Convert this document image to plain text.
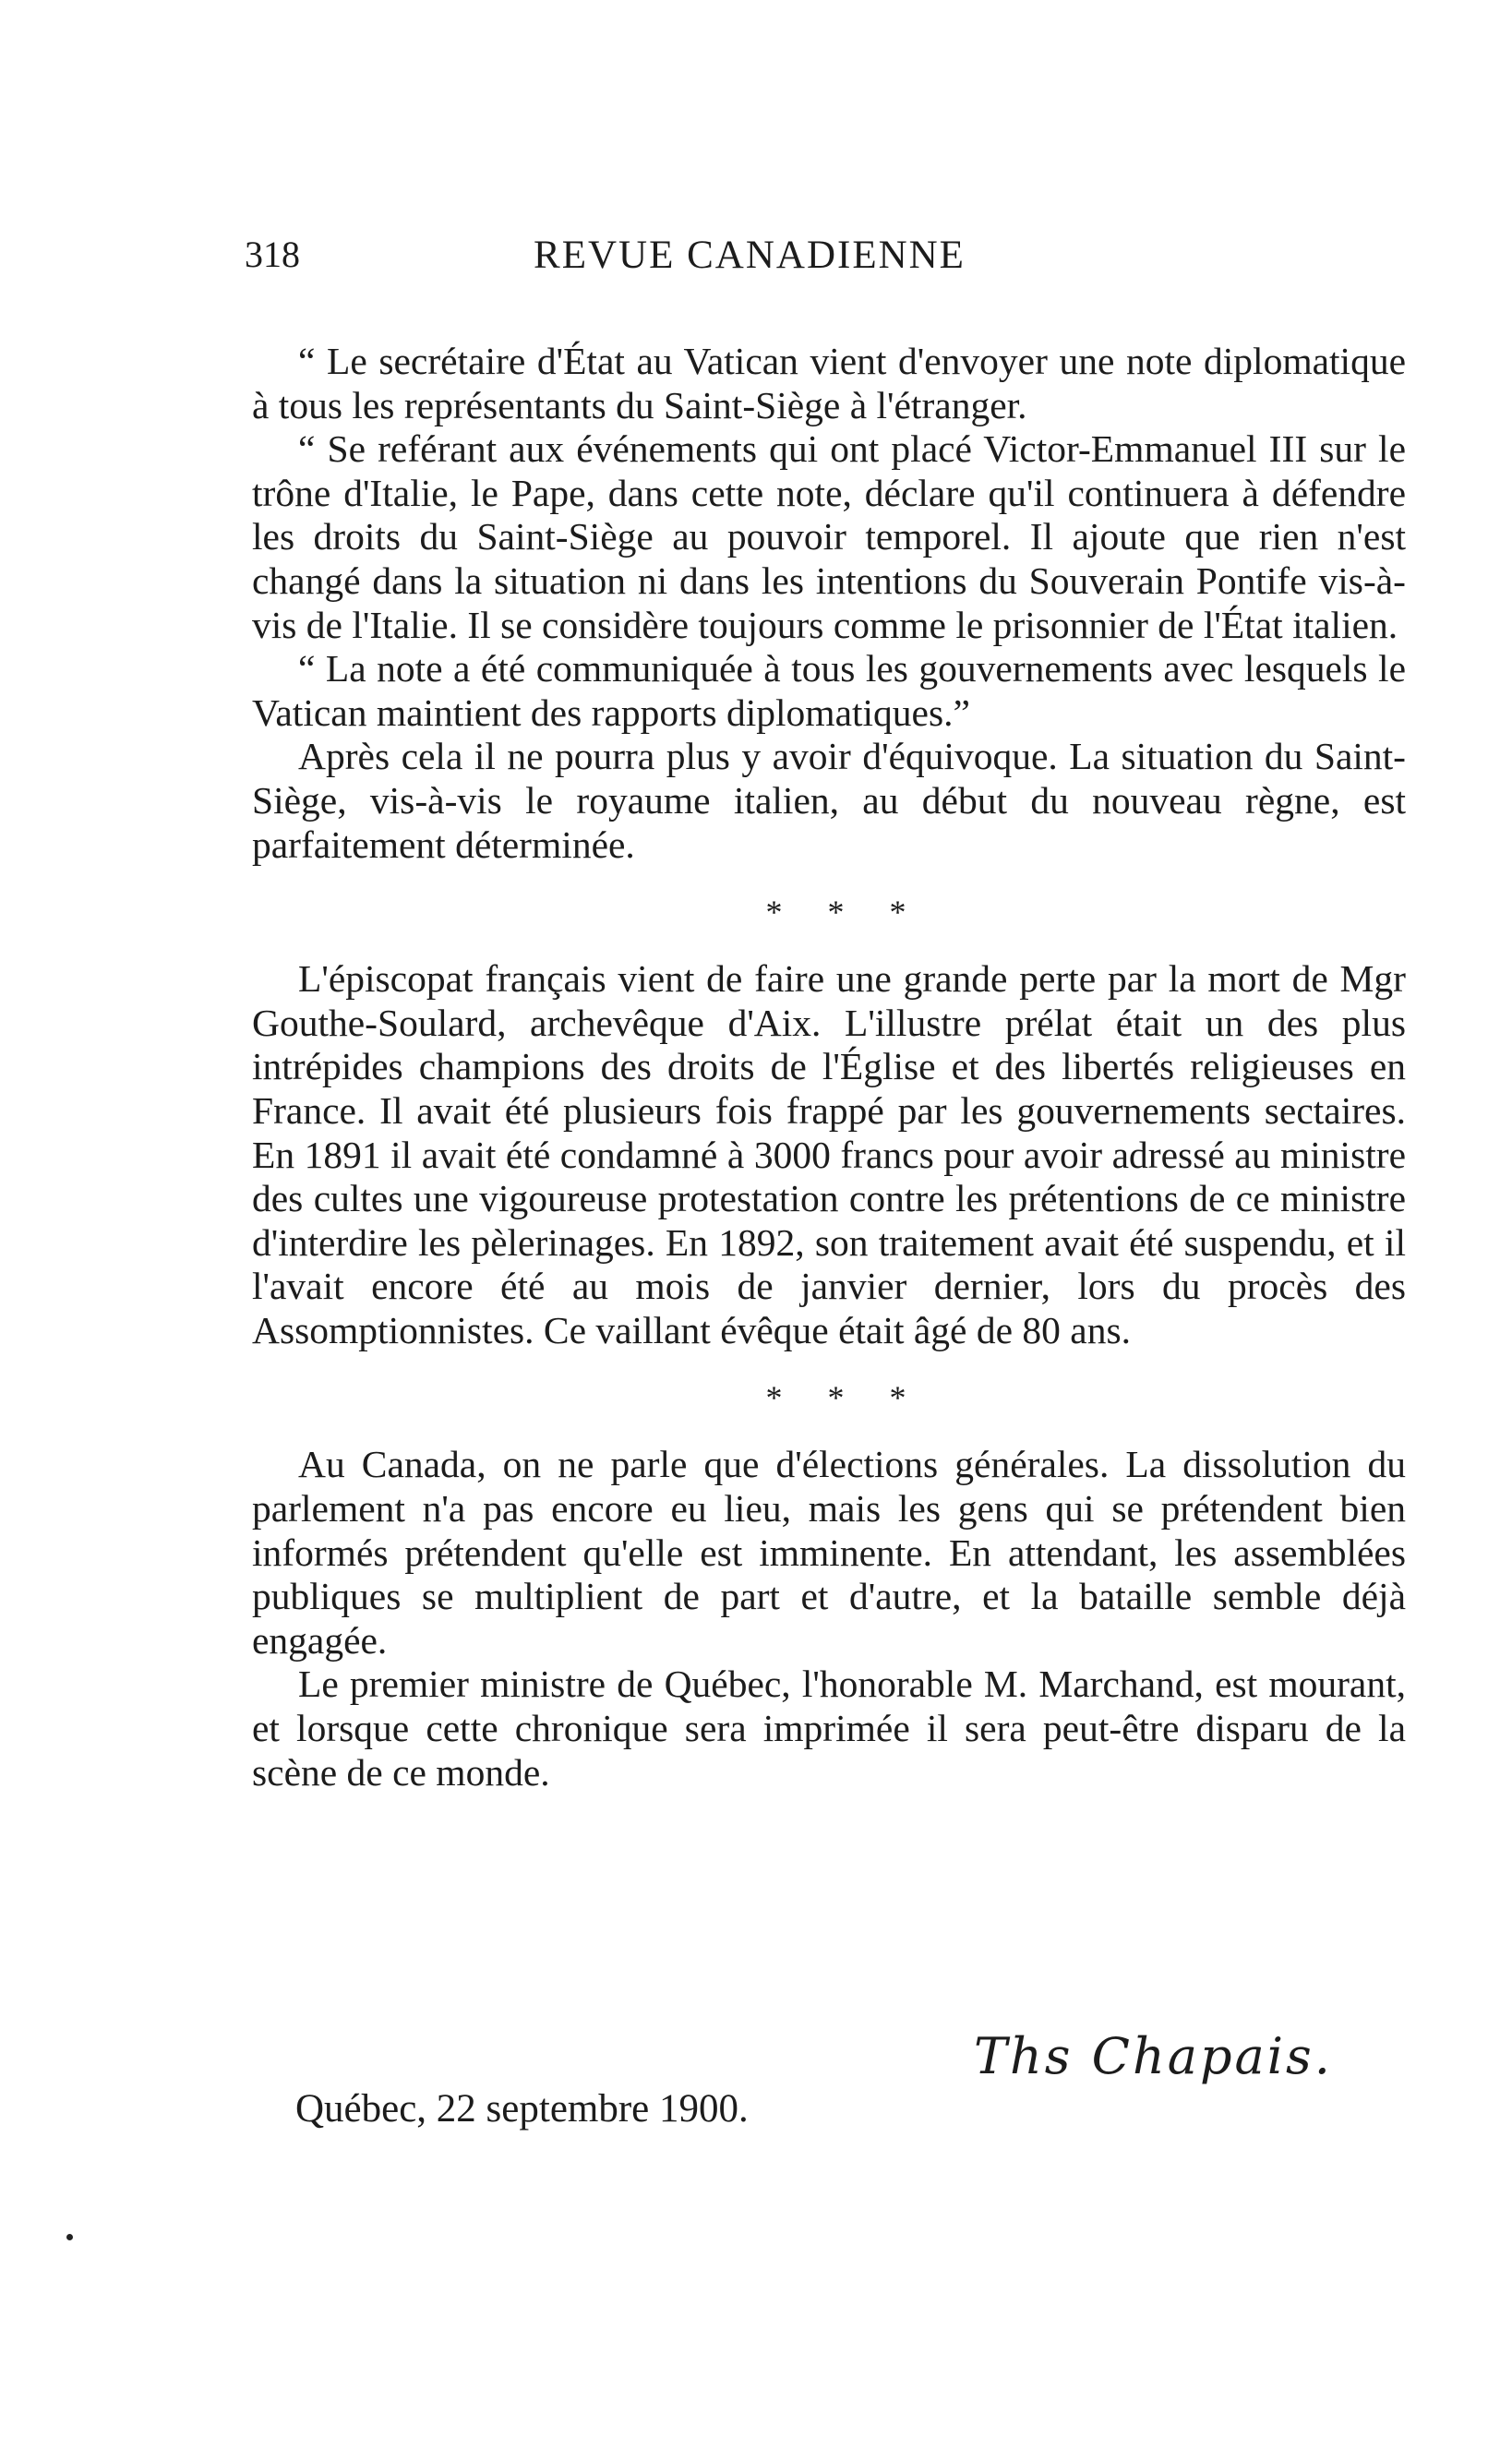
318	REVUE CANADIENNE

“ Le secrétaire d'État au Vatican vient d'envoyer une note diplomatique à tous les représentants du Saint-Siège à l'étranger.

“ Se reférant aux événements qui ont placé Victor-Emmanuel III sur le trône d'Italie, le Pape, dans cette note, déclare qu'il continuera à défendre les droits du Saint-Siège au pouvoir temporel. Il ajoute que rien n'est changé dans la situation ni dans les intentions du Souverain Pontife vis-à-vis de l'Italie. Il se considère toujours comme le prisonnier de l'État italien.

“ La note a été communiquée à tous les gouvernements avec lesquels le Vatican maintient des rapports diplomatiques.”

Après cela il ne pourra plus y avoir d'équivoque. La situation du Saint-Siège, vis-à-vis le royaume italien, au début du nouveau règne, est parfaitement déterminée.

* * *

L'épiscopat français vient de faire une grande perte par la mort de Mgr Gouthe-Soulard, archevêque d'Aix. L'illustre prélat était un des plus intrépides champions des droits de l'Église et des libertés religieuses en France. Il avait été plusieurs fois frappé par les gouvernements sectaires. En 1891 il avait été condamné à 3000 francs pour avoir adressé au ministre des cultes une vigoureuse protestation contre les prétentions de ce ministre d'interdire les pèlerinages. En 1892, son traitement avait été suspendu, et il l'avait encore été au mois de janvier dernier, lors du procès des Assomptionnistes. Ce vaillant évêque était âgé de 80 ans.

* * *

Au Canada, on ne parle que d'élections générales. La dissolution du parlement n'a pas encore eu lieu, mais les gens qui se prétendent bien informés prétendent qu'elle est imminente. En attendant, les assemblées publiques se multiplient de part et d'autre, et la bataille semble déjà engagée.

Le premier ministre de Québec, l'honorable M. Marchand, est mourant, et lorsque cette chronique sera imprimée il sera peut-être disparu de la scène de ce monde.

Ths Chapais.
Québec, 22 septembre 1900.
